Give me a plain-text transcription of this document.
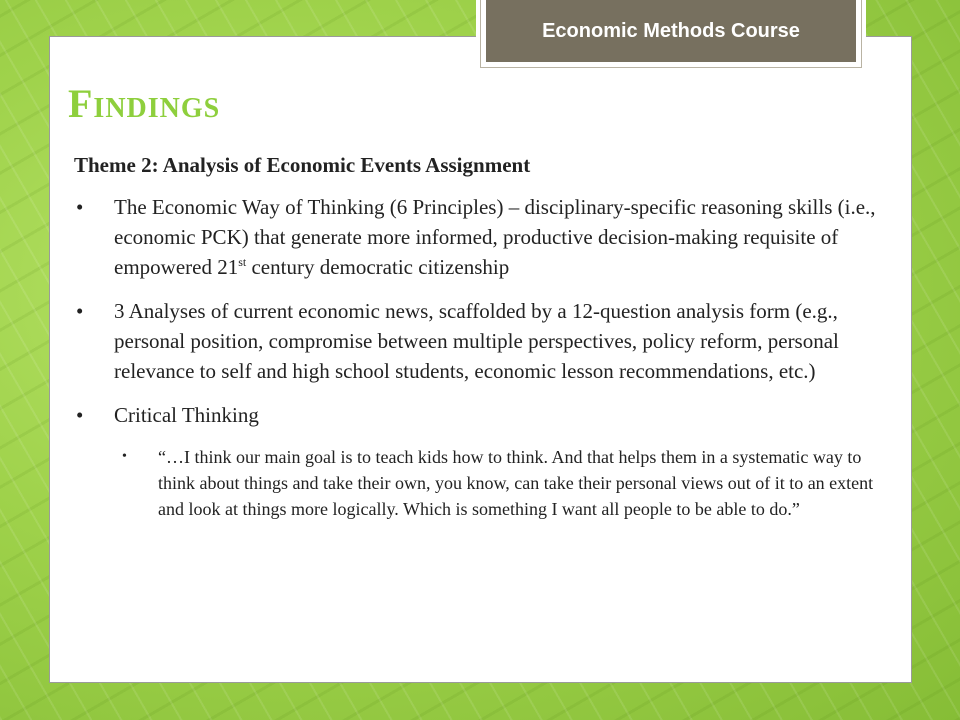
Economic Methods Course
Findings

Theme 2: Analysis of Economic Events Assignment

• The Economic Way of Thinking (6 Principles) – disciplinary-specific reasoning skills (i.e., economic PCK) that generate more informed, productive decision-making requisite of empowered 21st century democratic citizenship
• 3 Analyses of current economic news, scaffolded by a 12-question analysis form (e.g., personal position, compromise between multiple perspectives, policy reform, personal relevance to self and high school students, economic lesson recommendations, etc.)
• Critical Thinking
• “…I think our main goal is to teach kids how to think. And that helps them in a systematic way to think about things and take their own, you know, can take their personal views out of it to an extent and look at things more logically. Which is something I want all people to be able to do.”
